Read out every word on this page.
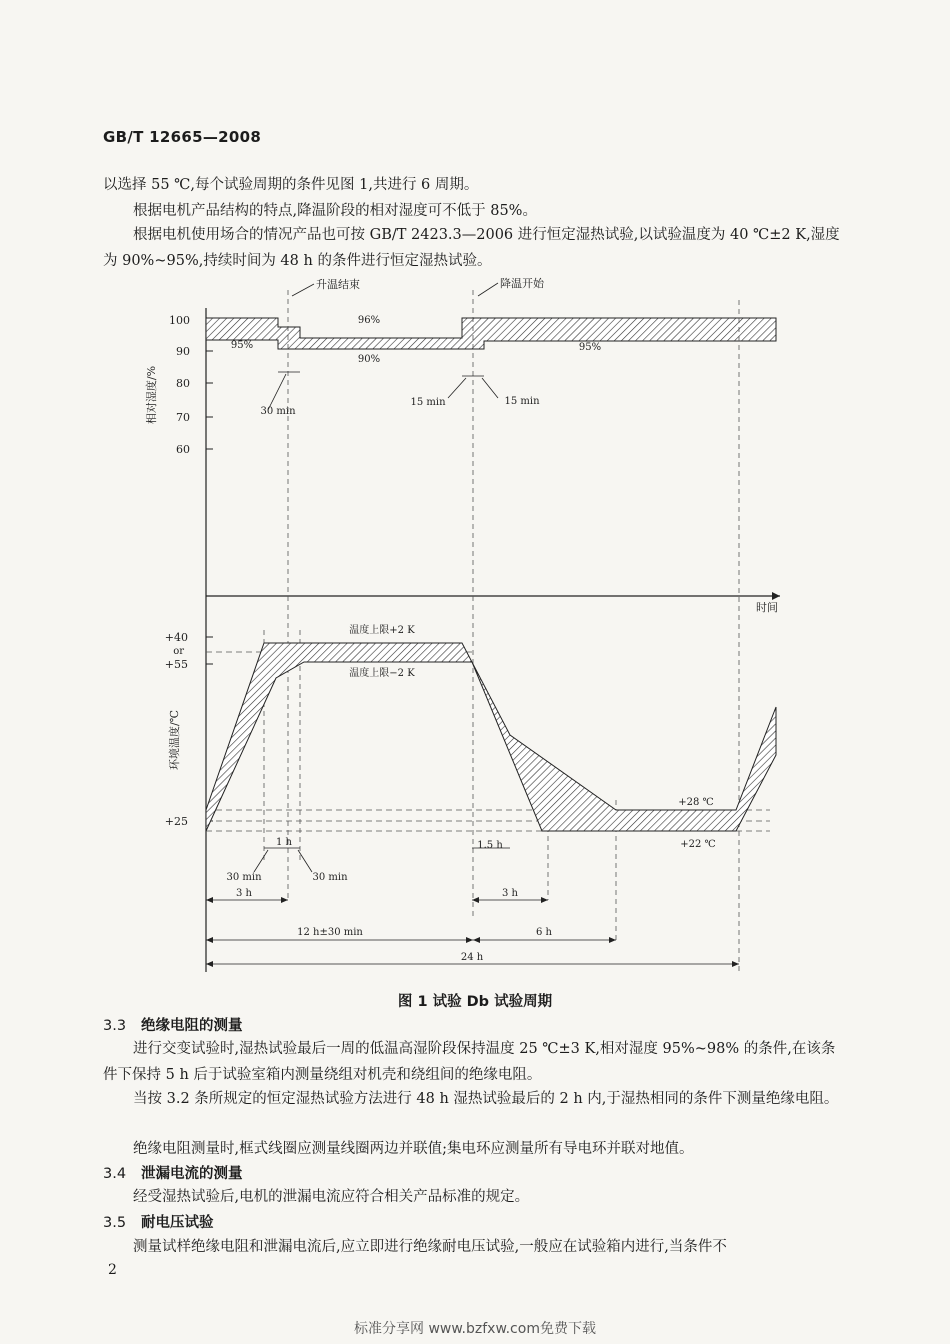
GB/T 12665—2008

以选择 55 ℃,每个试验周期的条件见图 1,共进行 6 周期。

根据电机产品结构的特点,降温阶段的相对湿度可不低于 85%。

根据电机使用场合的情况产品也可按 GB/T 2423.3—2006 进行恒定湿热试验,以试验温度为 40 ℃±2 K,湿度为 90%~95%,持续时间为 48 h 的条件进行恒定湿热试验。

100
90
80
70
60
相对湿度/%
95%
96%
90%
95%
升温结束	降温开始
30 min
15 min	15 min
+40
or
+55
+25
环境温度/℃
时间
温度上限+2 K
温度上限−2 K
+28 ℃
+22 ℃
1 h
30 min	30 min
3 h
1.5 h
3 h
12 h±30 min	6 h
24 h
图 1 试验 Db 试验周期
3.3 绝缘电阻的测量

进行交变试验时,湿热试验最后一周的低温高湿阶段保持温度 25 ℃±3 K,相对湿度 95%~98% 的条件,在该条件下保持 5 h 后于试验室箱内测量绕组对机壳和绕组间的绝缘电阻。

当按 3.2 条所规定的恒定湿热试验方法进行 48 h 湿热试验最后的 2 h 内,于湿热相同的条件下测量绝缘电阻。

绝缘电阻测量时,框式线圈应测量线圈两边并联值;集电环应测量所有导电环并联对地值。

3.4 泄漏电流的测量

经受湿热试验后,电机的泄漏电流应符合相关产品标准的规定。

3.5 耐电压试验

测量试样绝缘电阻和泄漏电流后,应立即进行绝缘耐电压试验,一般应在试验箱内进行,当条件不

2
标准分享网 www.bzfxw.com免费下载
